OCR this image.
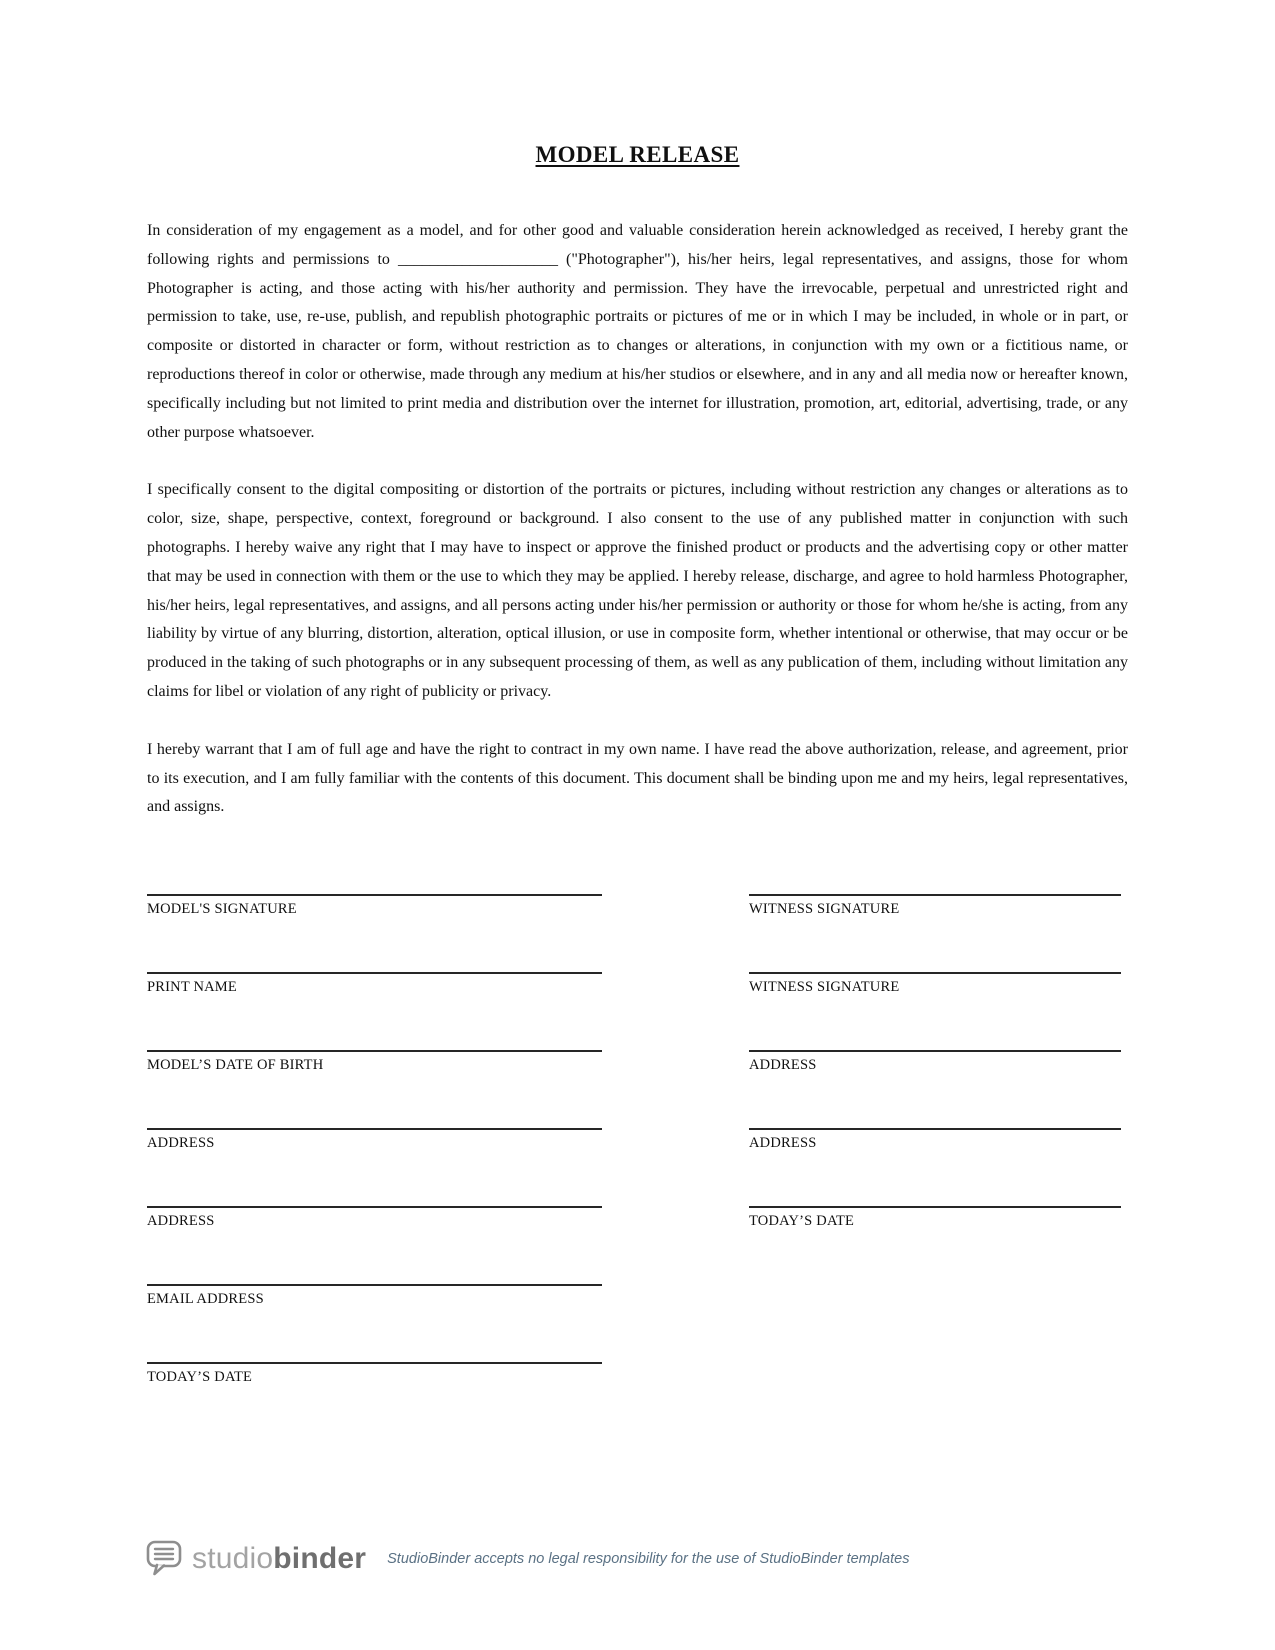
MODEL RELEASE

In consideration of my engagement as a model, and for other good and valuable consideration herein acknowledged as received, I hereby grant the following rights and permissions to ____________________ ("Photographer"), his/her heirs, legal representatives, and assigns, those for whom Photographer is acting, and those acting with his/her authority and permission. They have the irrevocable, perpetual and unrestricted right and permission to take, use, re-use, publish, and republish photographic portraits or pictures of me or in which I may be included, in whole or in part, or composite or distorted in character or form, without restriction as to changes or alterations, in conjunction with my own or a fictitious name, or reproductions thereof in color or otherwise, made through any medium at his/her studios or elsewhere, and in any and all media now or hereafter known, specifically including but not limited to print media and distribution over the internet for illustration, promotion, art, editorial, advertising, trade, or any other purpose whatsoever.

I specifically consent to the digital compositing or distortion of the portraits or pictures, including without restriction any changes or alterations as to color, size, shape, perspective, context, foreground or background. I also consent to the use of any published matter in conjunction with such photographs. I hereby waive any right that I may have to inspect or approve the finished product or products and the advertising copy or other matter that may be used in connection with them or the use to which they may be applied. I hereby release, discharge, and agree to hold harmless Photographer, his/her heirs, legal representatives, and assigns, and all persons acting under his/her permission or authority or those for whom he/she is acting, from any liability by virtue of any blurring, distortion, alteration, optical illusion, or use in composite form, whether intentional or otherwise, that may occur or be produced in the taking of such photographs or in any subsequent processing of them, as well as any publication of them, including without limitation any claims for libel or violation of any right of publicity or privacy.

I hereby warrant that I am of full age and have the right to contract in my own name. I have read the above authorization, release, and agreement, prior to its execution, and I am fully familiar with the contents of this document. This document shall be binding upon me and my heirs, legal representatives, and assigns.

MODEL'S SIGNATURE
PRINT NAME
MODEL’S DATE OF BIRTH
ADDRESS
ADDRESS
EMAIL ADDRESS
TODAY’S DATE
WITNESS SIGNATURE
WITNESS SIGNATURE
ADDRESS
ADDRESS
TODAY’S DATE
studiobinder StudioBinder accepts no legal responsibility for the use of StudioBinder templates
